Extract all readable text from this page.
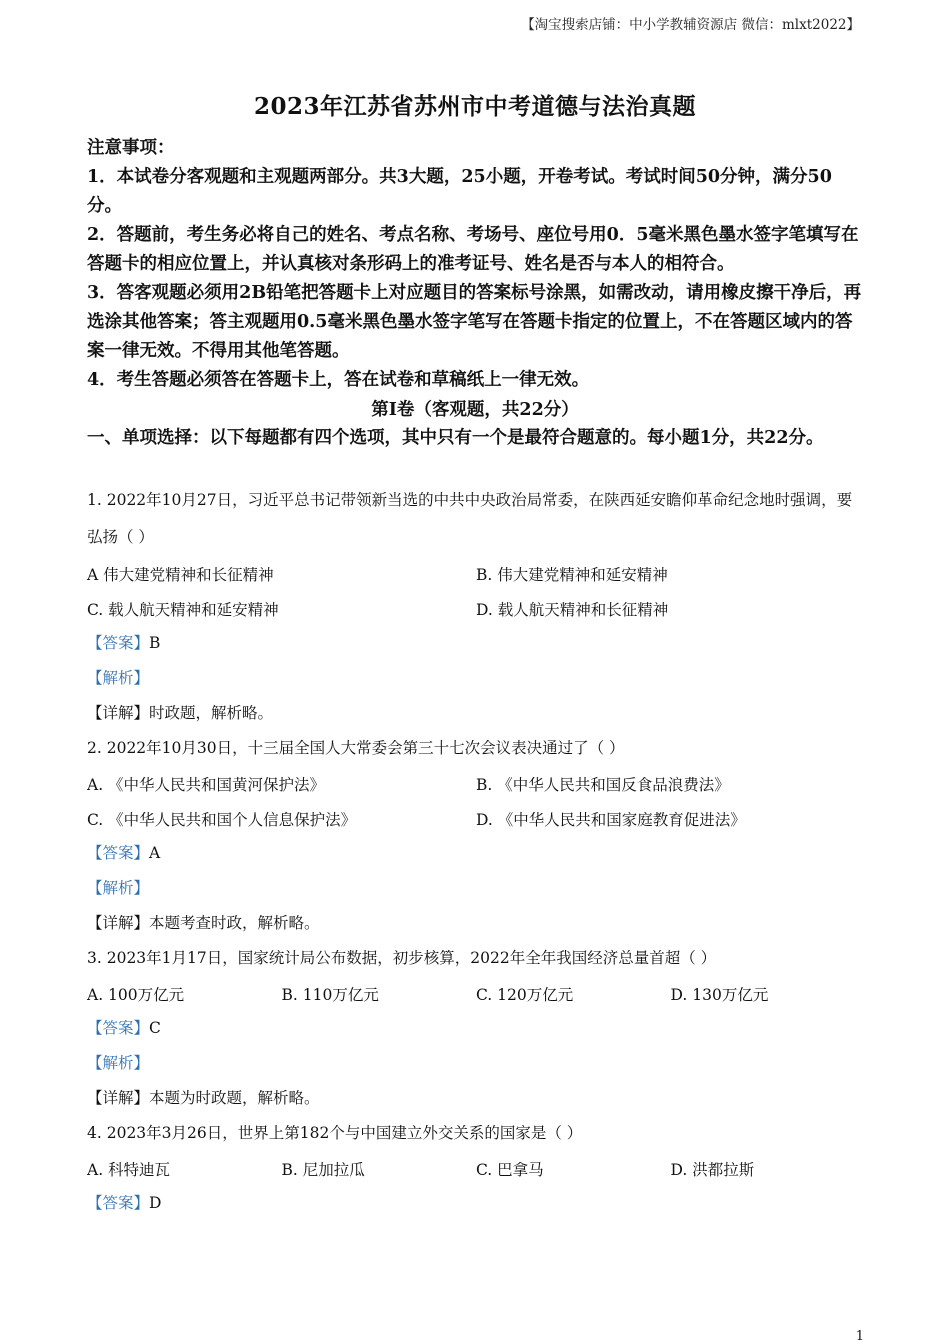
【淘宝搜索店铺：中小学教辅资源店 微信：mlxt2022】
2023年江苏省苏州市中考道德与法治真题
注意事项：
1．本试卷分客观题和主观题两部分。共3大题，25小题，开卷考试。考试时间50分钟，满分50分。
2．答题前，考生务必将自己的姓名、考点名称、考场号、座位号用0．5毫米黑色墨水签字笔填写在答题卡的相应位置上，并认真核对条形码上的准考证号、姓名是否与本人的相符合。
3．答客观题必须用2B铅笔把答题卡上对应题目的答案标号涂黑，如需改动，请用橡皮擦干净后，再选涂其他答案；答主观题用0.5毫米黑色墨水签字笔写在答题卡指定的位置上，不在答题区域内的答案一律无效。不得用其他笔答题。
4．考生答题必须答在答题卡上，答在试卷和草稿纸上一律无效。
第Ⅰ卷（客观题，共22分）
一、单项选择：以下每题都有四个选项，其中只有一个是最符合题意的。每小题1分，共22分。
1. 2022年10月27日，习近平总书记带领新当选的中共中央政治局常委，在陕西延安瞻仰革命纪念地时强调，要弘扬（ ）
A 伟大建党精神和长征精神	B. 伟大建党精神和延安精神
C. 载人航天精神和延安精神	D. 载人航天精神和长征精神
【答案】B
【解析】
【详解】时政题，解析略。
2. 2022年10月30日，十三届全国人大常委会第三十七次会议表决通过了（ ）
A. 《中华人民共和国黄河保护法》	B. 《中华人民共和国反食品浪费法》
C. 《中华人民共和国个人信息保护法》	D. 《中华人民共和国家庭教育促进法》
【答案】A
【解析】
【详解】本题考查时政，解析略。
3. 2023年1月17日，国家统计局公布数据，初步核算，2022年全年我国经济总量首超（ ）
A. 100万亿元	B. 110万亿元	C. 120万亿元	D. 130万亿元
【答案】C
【解析】
【详解】本题为时政题，解析略。
4. 2023年3月26日，世界上第182个与中国建立外交关系的国家是（ ）
A. 科特迪瓦	B. 尼加拉瓜	C. 巴拿马	D. 洪都拉斯
【答案】D
1
